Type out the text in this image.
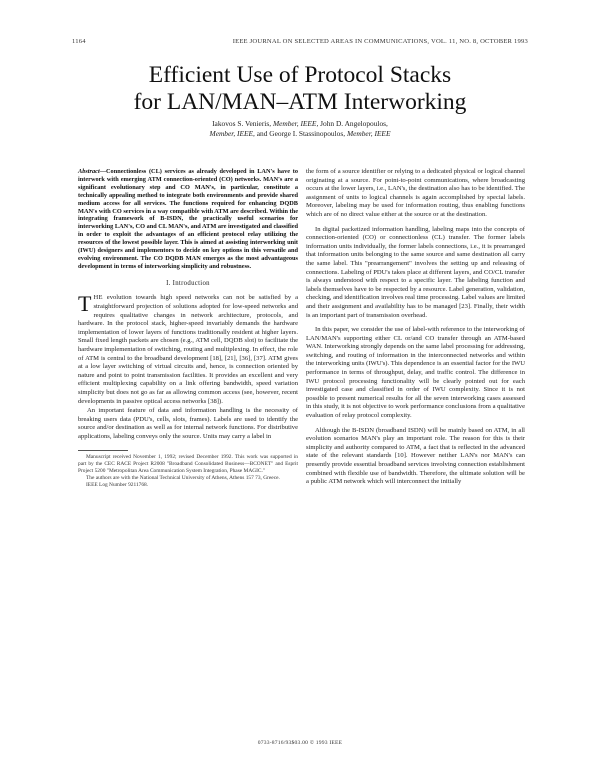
1164	IEEE JOURNAL ON SELECTED AREAS IN COMMUNICATIONS, VOL. 11, NO. 8, OCTOBER 1993
Efficient Use of Protocol Stacks
for LAN/MAN–ATM Interworking
Iakovos S. Venieris, Member, IEEE, John D. Angelopoulos,
Member, IEEE, and George I. Stassinopoulos, Member, IEEE

Abstract—Connectionless (CL) services as already developed in LAN's have to interwork with emerging ATM connection-oriented (CO) networks. MAN's are a significant evolutionary step and CO MAN's, in particular, constitute a technically appealing method to integrate both environments and provide shared medium access for all services. The functions required for enhancing DQDB MAN's with CO services in a way compatible with ATM are described. Within the integrating framework of B-ISDN, the practically useful scenarios for interworking LAN's, CO and CL MAN's, and ATM are investigated and classified in order to exploit the advantages of an efficient protocol relay utilizing the resources of the lowest possible layer. This is aimed at assisting interworking unit (IWU) designers and implementors to decide on key options in this versatile and evolving environment. The CO DQDB MAN emerges as the most advantageous development in terms of interworking simplicity and robustness.

I. Introduction

THE evolution towards high speed networks can not be satisfied by a straightforward projection of solutions adopted for low-speed networks and requires qualitative changes in network architecture, protocols, and hardware. In the protocol stack, higher-speed invariably demands the hardware implementation of lower layers of functions traditionally resident at higher layers. Small fixed length packets are chosen (e.g., ATM cell, DQDB slot) to facilitate the hardware implementation of switching, routing and multiplexing. In effect, the role of ATM is central to the broadband development [18], [21], [36], [37]. ATM gives at a low layer switching of virtual circuits and, hence, is connection oriented by nature and point to point transmission facilities. It provides an excellent and very efficient multiplexing capability on a link offering bandwidth, speed variation simplicity but does not go as far as allowing common access (see, however, recent developments in passive optical access networks [38]).

An important feature of data and information handling is the necessity of breaking users data (PDU's, cells, slots, frames). Labels are used to identify the source and/or destination as well as for internal network functions. For distributive applications, labeling conveys only the source. Units may carry a label in

Manuscript received November 1, 1992; revised December 1992. This work was supported in part by the CEC RACE Project R2008 "Broadband Consolidated Business—BCONET" and Esprit Project 5200 "Metropolitan Area Communication System Integration, Phase MAGIC."

The authors are with the National Technical University of Athens, Athens 157 73, Greece.

IEEE Log Number 9211768.

the form of a source identifier or relying to a dedicated physical or logical channel originating at a source. For point-to-point communications, where broadcasting occurs at the lower layers, i.e., LAN's, the destination also has to be identified. The assignment of units to logical channels is again accomplished by special labels. Moreover, labeling may be used for information routing, thus enabling functions which are of no direct value either at the source or at the destination.

In digital packetized information handling, labeling maps into the concepts of connection-oriented (CO) or connectionless (CL) transfer. The former labels information units individually, the former labels connections, i.e., it is prearranged that information units belonging to the same source and same destination all carry the same label. This "prearrangement" involves the setting up and releasing of connections. Labeling of PDU's takes place at different layers, and CO/CL transfer is always understood with respect to a specific layer. The labeling function and labels themselves have to be respected by a resource. Label generation, validation, checking, and identification involves real time processing. Label values are limited and their assignment and availability has to be managed [23]. Finally, their width is an important part of transmission overhead.

In this paper, we consider the use of label-with reference to the interworking of LAN/MAN's supporting either CL or/and CO transfer through an ATM-based WAN. Interworking strongly depends on the same label processing for addressing, switching, and routing of information in the interconnected networks and within the interworking units (IWU's). This dependence is an essential factor for the IWU performance in terms of throughput, delay, and traffic control. The difference in IWU protocol processing functionality will be clearly pointed out for each investigated case and classified in order of IWU complexity. Since it is not possible to present numerical results for all the seven interworking cases assessed in this study, it is not objective to work performance conclusions from a qualitative evaluation of relay protocol complexity.

Although the B-ISDN (broadband ISDN) will be mainly based on ATM, in all evolution scenarios MAN's play an important role. The reason for this is their simplicity and authority compared to ATM, a fact that is reflected in the advanced state of the relevant standards [10]. However neither LAN's nor MAN's can presently provide essential broadband services involving connection establishment combined with flexible use of bandwidth. Therefore, the ultimate solution will be a public ATM network which will interconnect the initially

0733-8716/93$03.00 © 1993 IEEE
